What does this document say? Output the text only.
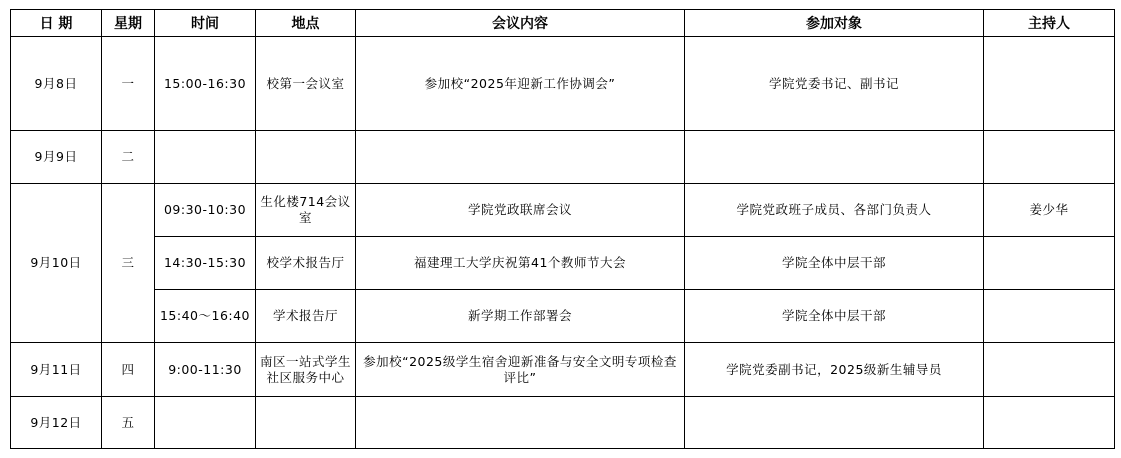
日 期	星期	时间	地点	会议内容	参加对象	主持人
9月8日	一	15:00-16:30	校第一会议室	参加校“2025年迎新工作协调会”	学院党委书记、副书记	
9月9日	二					
9月10日	三	09:30-10:30	生化楼714会议室	学院党政联席会议	学院党政班子成员、各部门负责人	姜少华
		14:30-15:30	校学术报告厅	福建理工大学庆祝第41个教师节大会	学院全体中层干部	
		15:40～16:40	学术报告厅	新学期工作部署会	学院全体中层干部	
9月11日	四	9:00-11:30	南区一站式学生社区服务中心	参加校“2025级学生宿舍迎新准备与安全文明专项检查评比”	学院党委副书记，2025级新生辅导员	
9月12日	五					
